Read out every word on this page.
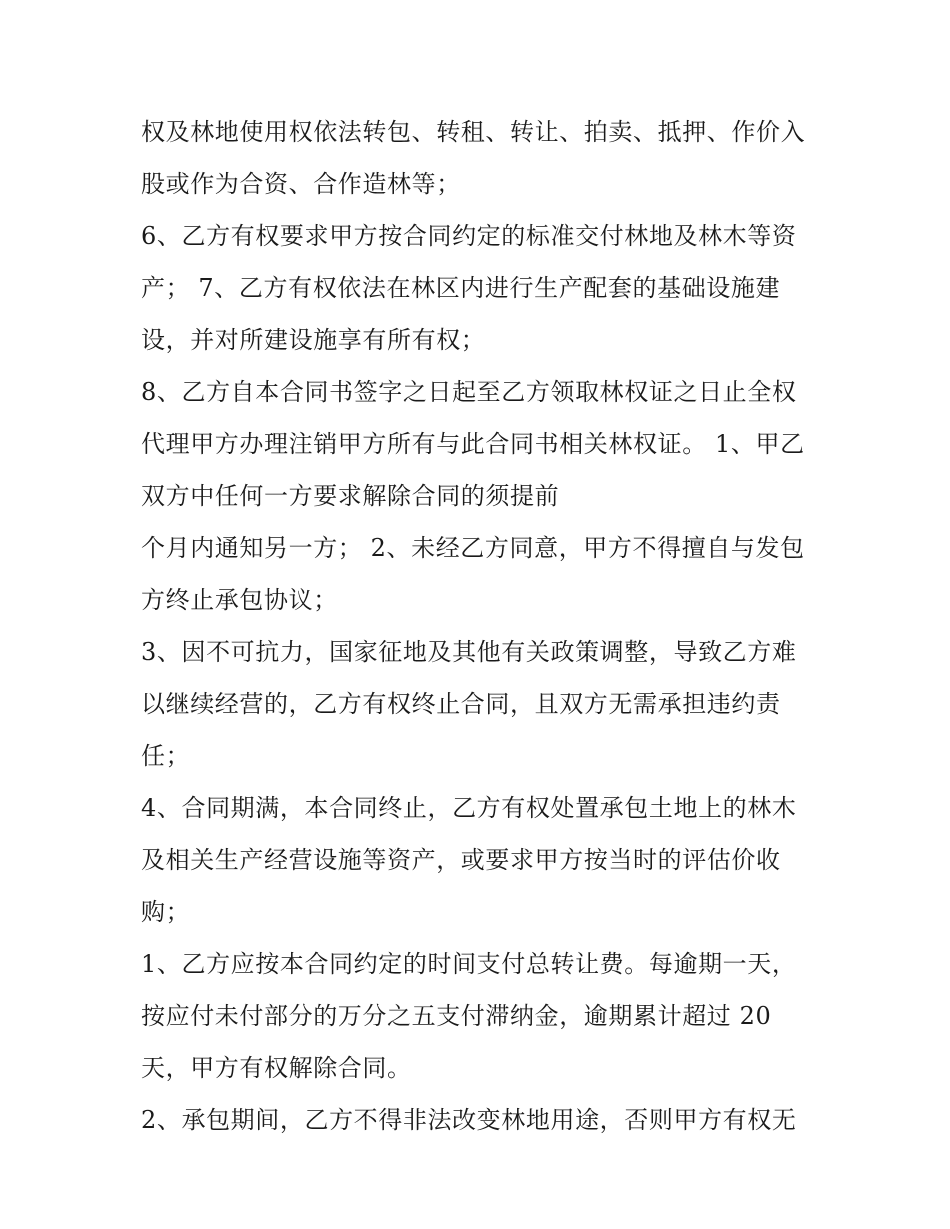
权及林地使用权依法转包、转租、转让、拍卖、抵押、作价入
股或作为合资、合作造林等；
6、乙方有权要求甲方按合同约定的标准交付林地及林木等资
产； 7、乙方有权依法在林区内进行生产配套的基础设施建
设，并对所建设施享有所有权；
8、乙方自本合同书签字之日起至乙方领取林权证之日止全权
代理甲方办理注销甲方所有与此合同书相关林权证。 1、甲乙
双方中任何一方要求解除合同的须提前
个月内通知另一方； 2、未经乙方同意，甲方不得擅自与发包
方终止承包协议；
3、因不可抗力，国家征地及其他有关政策调整，导致乙方难
以继续经营的，乙方有权终止合同，且双方无需承担违约责
任；
4、合同期满，本合同终止，乙方有权处置承包土地上的林木
及相关生产经营设施等资产，或要求甲方按当时的评估价收
购；
1、乙方应按本合同约定的时间支付总转让费。每逾期一天，
按应付未付部分的万分之五支付滞纳金，逾期累计超过 20
天，甲方有权解除合同。
2、承包期间，乙方不得非法改变林地用途，否则甲方有权无
